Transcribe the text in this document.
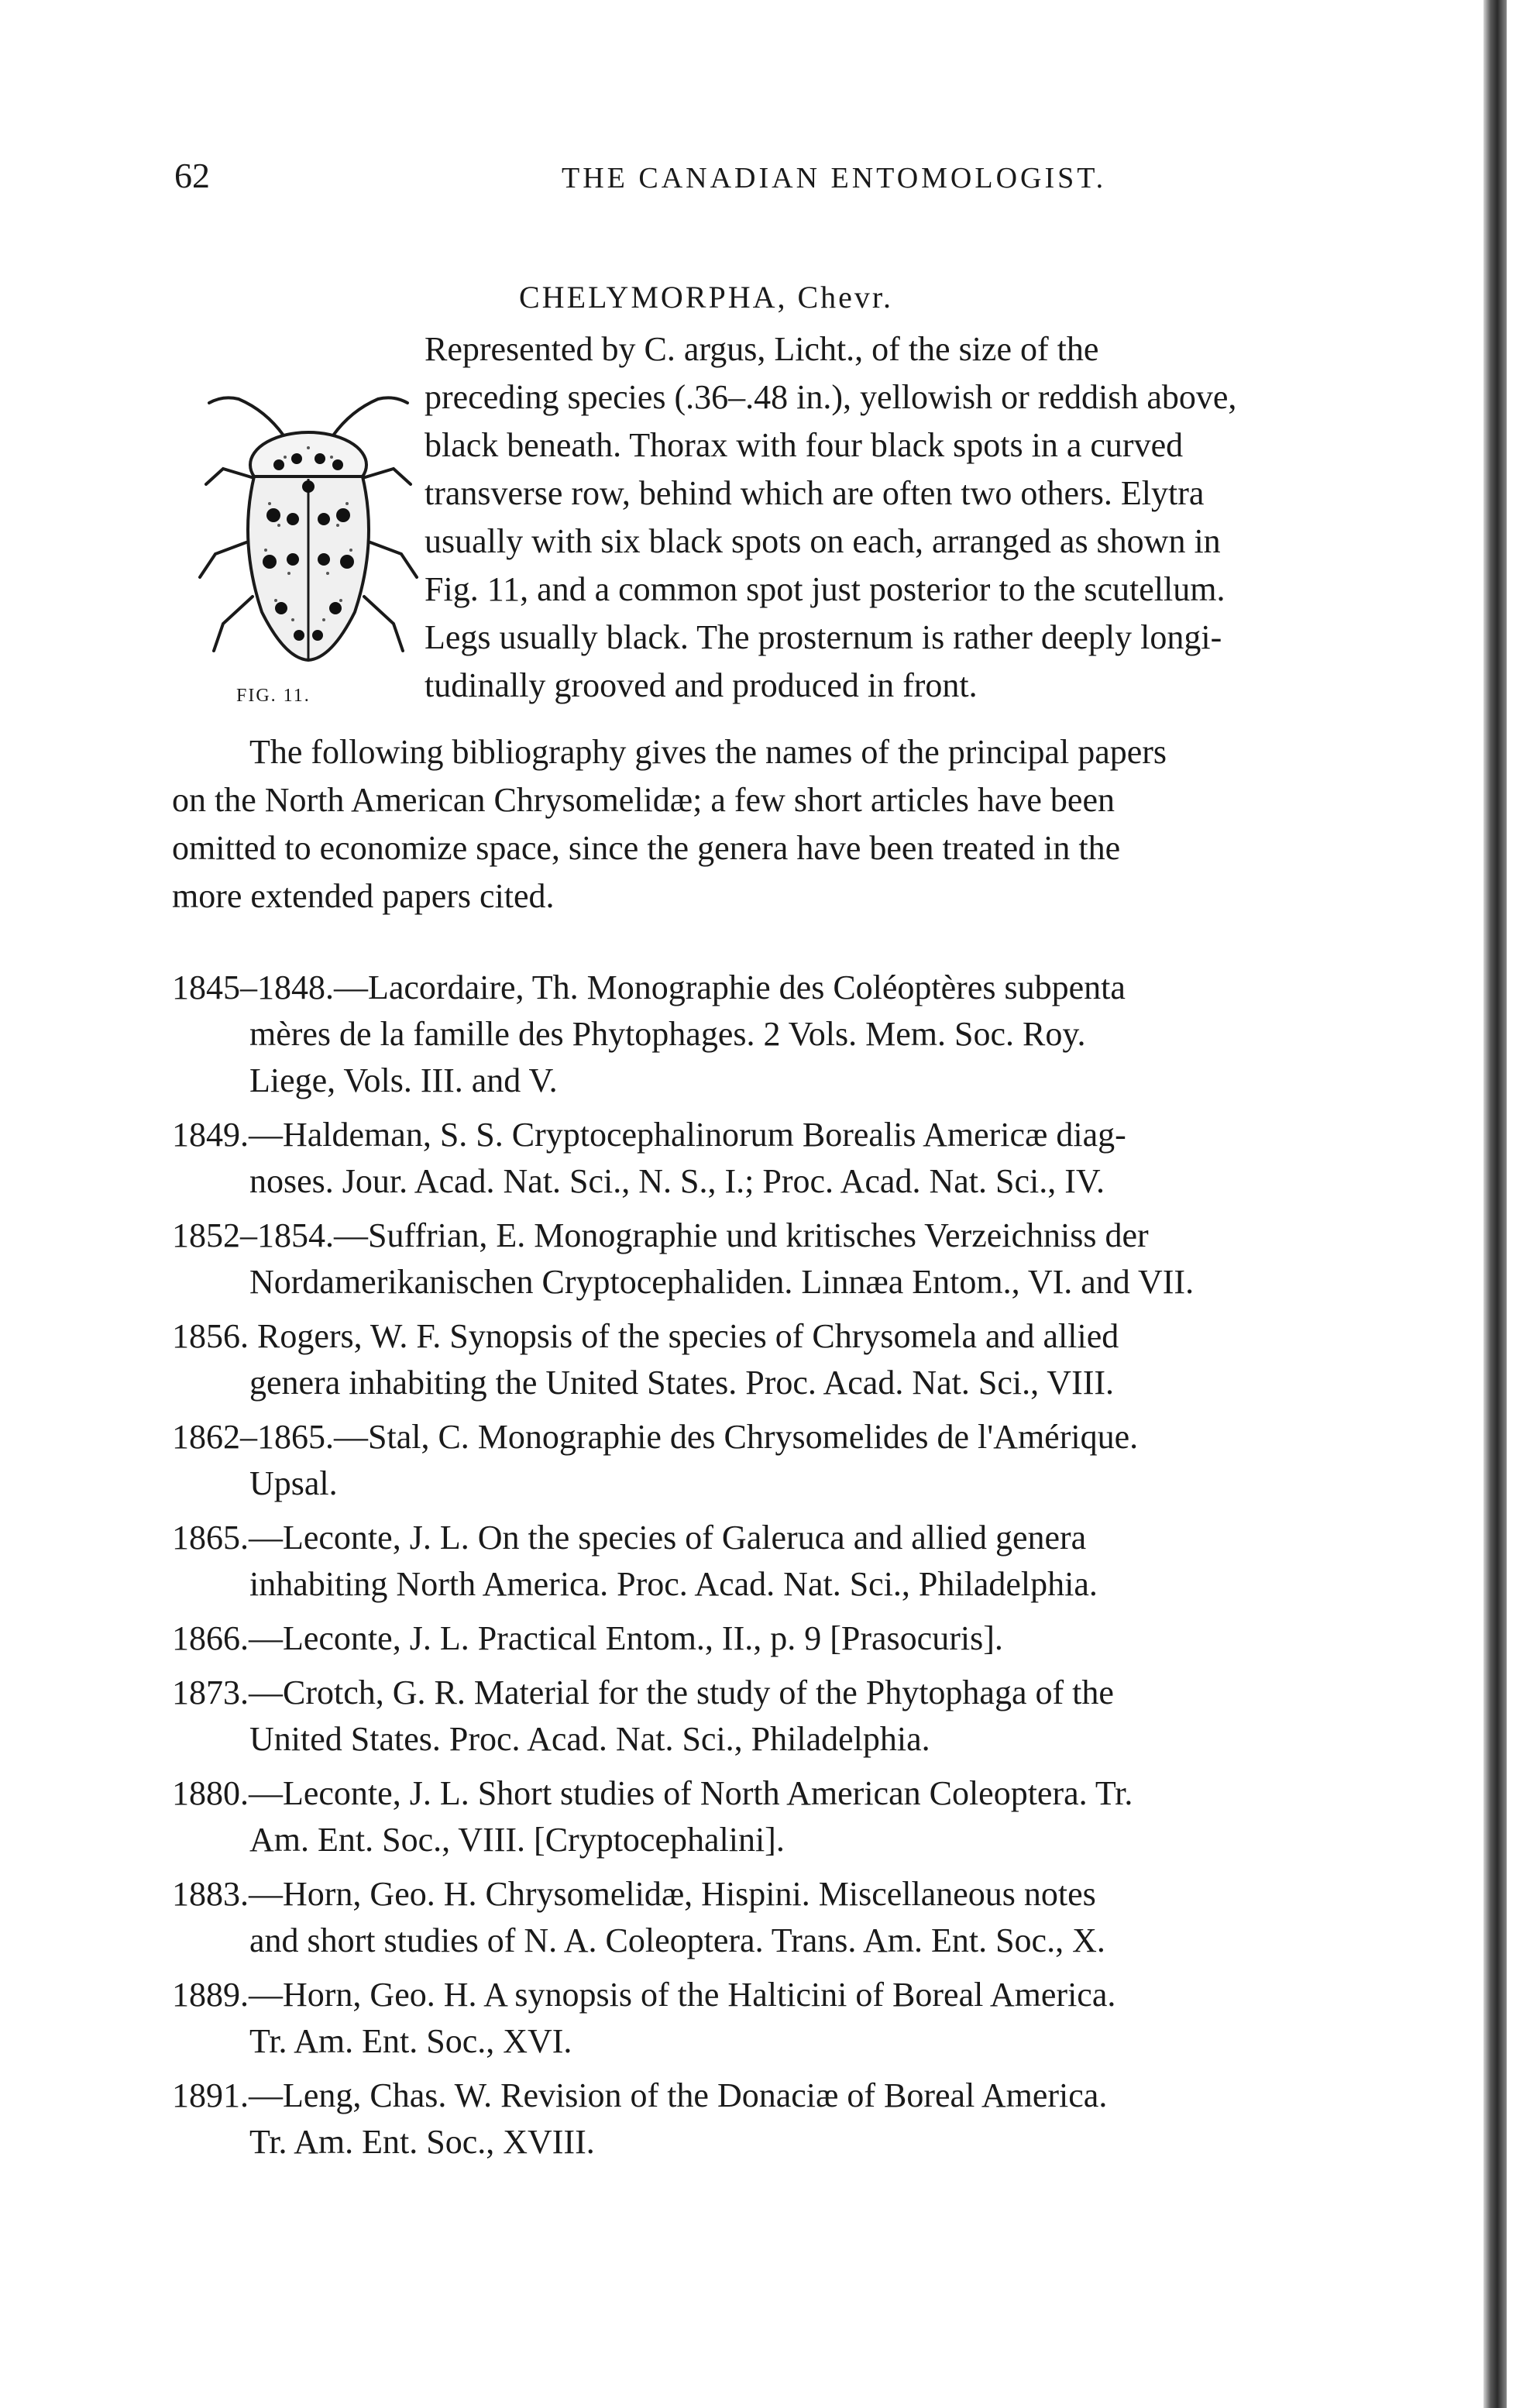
62	THE CANADIAN ENTOMOLOGIST.
FIG. 11.
CHELYMORPHA, Chevr.
Represented by C. argus, Licht., of the size of the
preceding species (.36–.48 in.), yellowish or reddish above,
black beneath. Thorax with four black spots in a curved
transverse row, behind which are often two others. Elytra
usually with six black spots on each, arranged as shown in
Fig. 11, and a common spot just posterior to the scutellum.
Legs usually black. The prosternum is rather deeply longi-
tudinally grooved and produced in front.
The following bibliography gives the names of the principal papers
on the North American Chrysomelidæ; a few short articles have been
omitted to economize space, since the genera have been treated in the
more extended papers cited.
1845–1848.—Lacordaire, Th. Monographie des Coléoptères subpenta
mères de la famille des Phytophages. 2 Vols. Mem. Soc. Roy.
Liege, Vols. III. and V.
1849.—Haldeman, S. S. Cryptocephalinorum Borealis Americæ diag-
noses. Jour. Acad. Nat. Sci., N. S., I.; Proc. Acad. Nat. Sci., IV.
1852–1854.—Suffrian, E. Monographie und kritisches Verzeichniss der
Nordamerikanischen Cryptocephaliden. Linnæa Entom., VI. and VII.
1856. Rogers, W. F. Synopsis of the species of Chrysomela and allied
genera inhabiting the United States. Proc. Acad. Nat. Sci., VIII.
1862–1865.—Stal, C. Monographie des Chrysomelides de l'Amérique.
Upsal.
1865.—Leconte, J. L. On the species of Galeruca and allied genera
inhabiting North America. Proc. Acad. Nat. Sci., Philadelphia.
1866.—Leconte, J. L. Practical Entom., II., p. 9 [Prasocuris].
1873.—Crotch, G. R. Material for the study of the Phytophaga of the
United States. Proc. Acad. Nat. Sci., Philadelphia.
1880.—Leconte, J. L. Short studies of North American Coleoptera. Tr.
Am. Ent. Soc., VIII. [Cryptocephalini].
1883.—Horn, Geo. H. Chrysomelidæ, Hispini. Miscellaneous notes
and short studies of N. A. Coleoptera. Trans. Am. Ent. Soc., X.
1889.—Horn, Geo. H. A synopsis of the Halticini of Boreal America.
Tr. Am. Ent. Soc., XVI.
1891.—Leng, Chas. W. Revision of the Donaciæ of Boreal America.
Tr. Am. Ent. Soc., XVIII.
